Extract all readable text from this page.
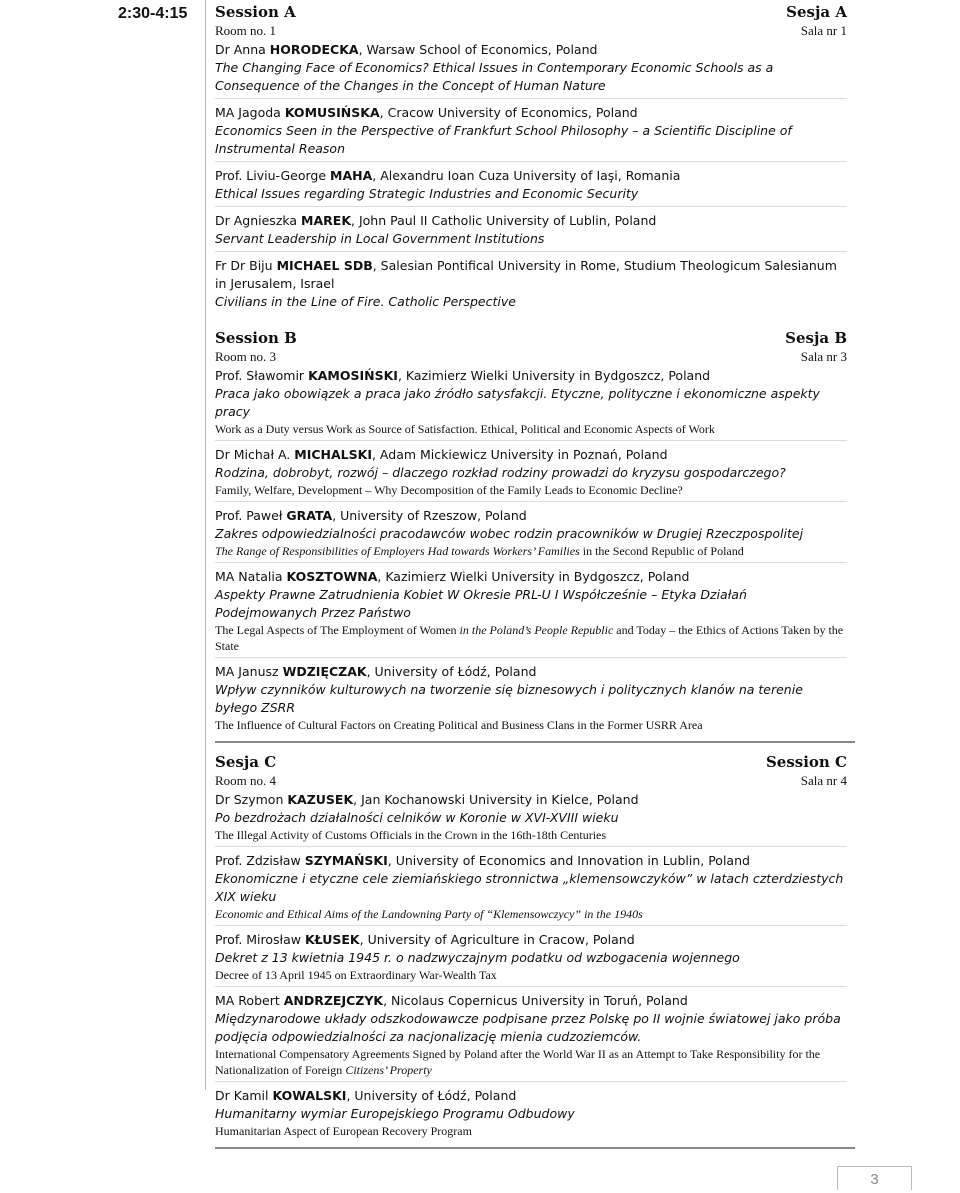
2:30-4:15 Session A	Sesja A
Room no. 1	Sala nr 1
Dr Anna HORODECKA, Warsaw School of Economics, Poland
The Changing Face of Economics? Ethical Issues in Contemporary Economic Schools as a Consequence of the Changes in the Concept of Human Nature
MA Jagoda KOMUSIŃSKA, Cracow University of Economics, Poland
Economics Seen in the Perspective of Frankfurt School Philosophy – a Scientific Discipline of Instrumental Reason
Prof. Liviu-George MAHA, Alexandru Ioan Cuza University of Iaşi, Romania
Ethical Issues regarding Strategic Industries and Economic Security
Dr Agnieszka MAREK, John Paul II Catholic University of Lublin, Poland
Servant Leadership in Local Government Institutions
Fr Dr Biju MICHAEL SDB, Salesian Pontifical University in Rome, Studium Theologicum Salesianum in Jerusalem, Israel
Civilians in the Line of Fire. Catholic Perspective
Session B	Sesja B
Room no. 3	Sala nr 3
Prof. Sławomir KAMOSIŃSKI, Kazimierz Wielki University in Bydgoszcz, Poland
Praca jako obowiązek a praca jako źródło satysfakcji. Etyczne, polityczne i ekonomiczne aspekty pracy
Work as a Duty versus Work as Source of Satisfaction. Ethical, Political and Economic Aspects of Work
Dr Michał A. MICHALSKI, Adam Mickiewicz University in Poznań, Poland
Rodzina, dobrobyt, rozwój – dlaczego rozkład rodziny prowadzi do kryzysu gospodarczego?
Family, Welfare, Development – Why Decomposition of the Family Leads to Economic Decline?
Prof. Paweł GRATA, University of Rzeszow, Poland
Zakres odpowiedzialności pracodawców wobec rodzin pracowników w Drugiej Rzeczpospolitej
The Range of Responsibilities of Employers Had towards Workers’ Families in the Second Republic of Poland
MA Natalia KOSZTOWNA, Kazimierz Wielki University in Bydgoszcz, Poland
Aspekty Prawne Zatrudnienia Kobiet W Okresie PRL-U I Współcześnie – Etyka Działań Podejmowanych Przez Państwo
The Legal Aspects of The Employment of Women in the Poland’s People Republic and Today – the Ethics of Actions Taken by the State
MA Janusz WDZIĘCZAK, University of Łódź, Poland
Wpływ czynników kulturowych na tworzenie się biznesowych i politycznych klanów na terenie byłego ZSRR
The Influence of Cultural Factors on Creating Political and Business Clans in the Former USRR Area
Sesja C	Session C
Room no. 4	Sala nr 4
Dr Szymon KAZUSEK, Jan Kochanowski University in Kielce, Poland
Po bezdrożach działalności celników w Koronie w XVI-XVIII wieku
The Illegal Activity of Customs Officials in the Crown in the 16th-18th Centuries
Prof. Zdzisław SZYMAŃSKI, University of Economics and Innovation in Lublin, Poland
Ekonomiczne i etyczne cele ziemiańskiego stronnictwa „klemensowczyków” w latach czterdziestych XIX wieku
Economic and Ethical Aims of the Landowning Party of “Klemensowczycy” in the 1940s
Prof. Mirosław KŁUSEK, University of Agriculture in Cracow, Poland
Dekret z 13 kwietnia 1945 r. o nadzwyczajnym podatku od wzbogacenia wojennego
Decree of 13 April 1945 on Extraordinary War-Wealth Tax
MA Robert ANDRZEJCZYK, Nicolaus Copernicus University in Toruń, Poland
Międzynarodowe układy odszkodowawcze podpisane przez Polskę po II wojnie światowej jako próba podjęcia odpowiedzialności za nacjonalizację mienia cudzoziemców.
International Compensatory Agreements Signed by Poland after the World War II as an Attempt to Take Responsibility for the Nationalization of Foreign Citizens’ Property
Dr Kamil KOWALSKI, University of Łódź, Poland
Humanitarny wymiar Europejskiego Programu Odbudowy
Humanitarian Aspect of European Recovery Program
3
